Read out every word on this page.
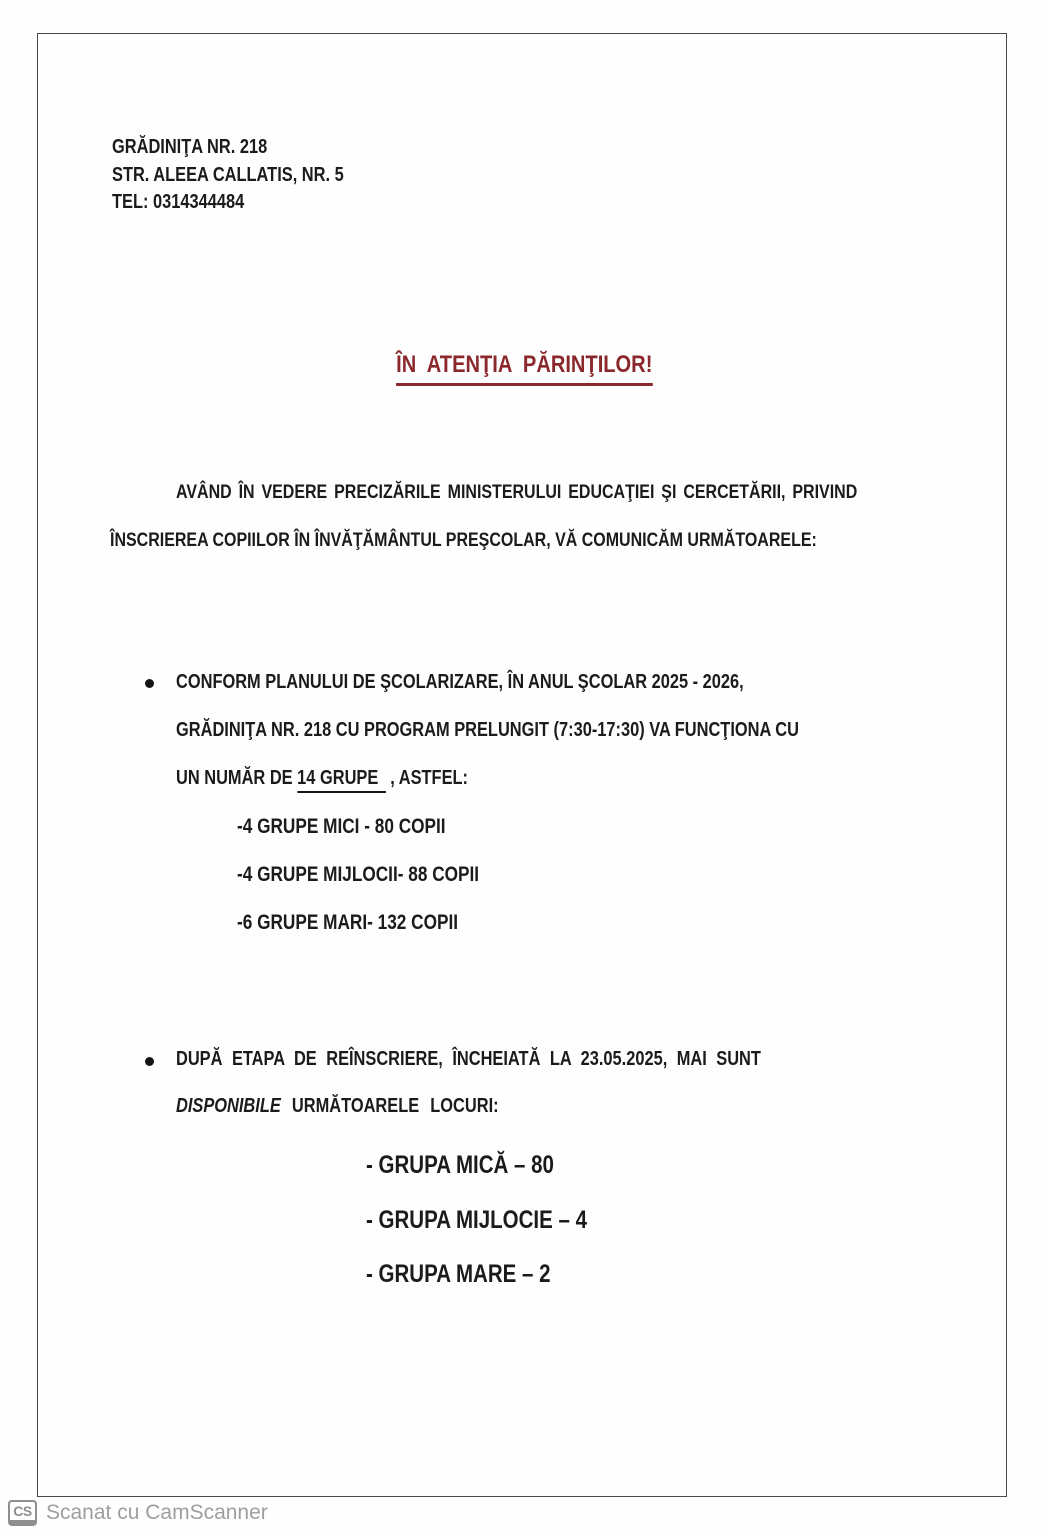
GRĂDINIŢA NR. 218
STR. ALEEA CALLATIS, NR. 5
TEL: 0314344484
ÎN ATENŢIA PĂRINŢILOR!
AVÂND ÎN VEDERE PRECIZĂRILE MINISTERULUI EDUCAŢIEI ŞI CERCETĂRII, PRIVIND
ÎNSCRIEREA COPIILOR ÎN ÎNVĂŢĂMÂNTUL PREŞCOLAR, VĂ COMUNICĂM URMĂTOARELE:
CONFORM PLANULUI DE ŞCOLARIZARE, ÎN ANUL ŞCOLAR 2025 - 2026,
GRĂDINIŢA NR. 218 CU PROGRAM PRELUNGIT (7:30-17:30) VA FUNCŢIONA CU
UN NUMĂR DE 14 GRUPE , ASTFEL:
-4 GRUPE MICI - 80 COPII
-4 GRUPE MIJLOCII- 88 COPII
-6 GRUPE MARI- 132 COPII
DUPĂ ETAPA DE REÎNSCRIERE, ÎNCHEIATĂ LA 23.05.2025, MAI SUNT
DISPONIBILE URMĂTOARELE LOCURI:
- GRUPA MICĂ – 80
- GRUPA MIJLOCIE – 4
- GRUPA MARE – 2
CS Scanat cu CamScanner
